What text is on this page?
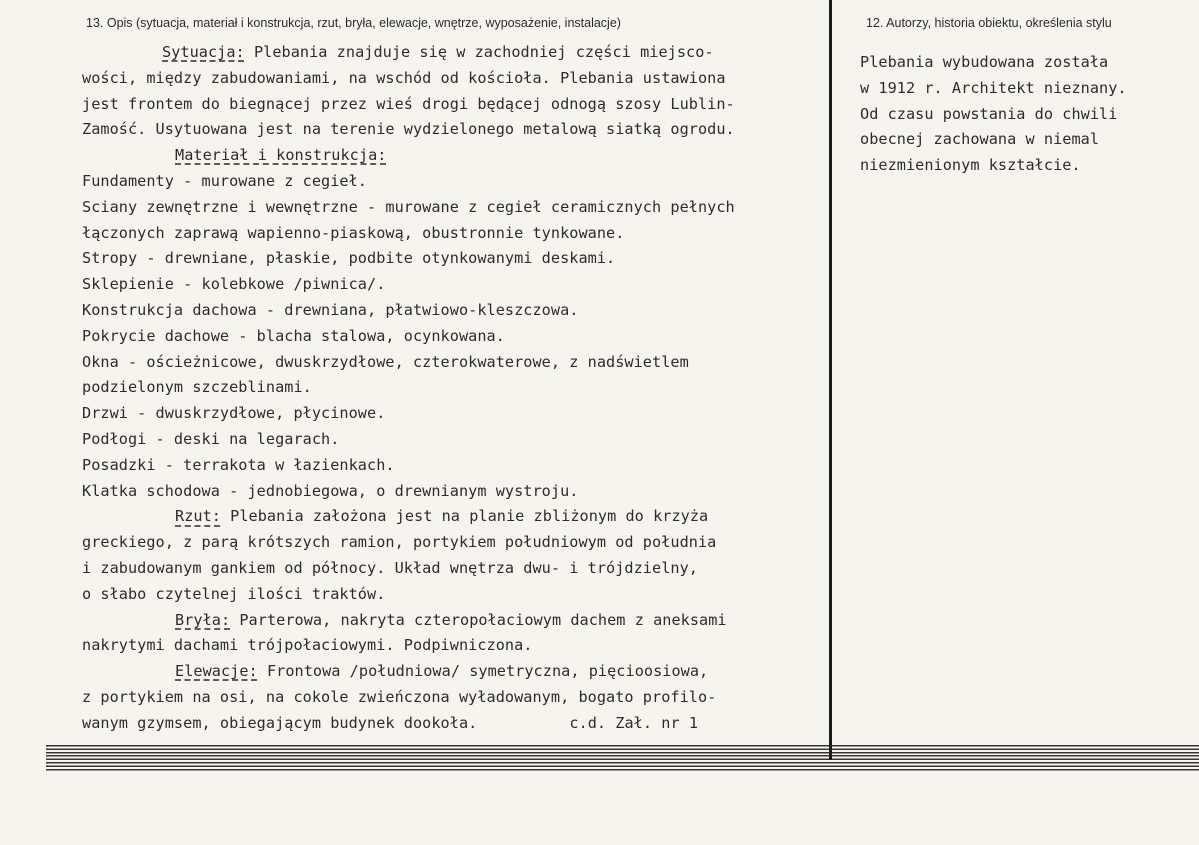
13. Opis (sytuacja, materiał i konstrukcja, rzut, bryła, elewacje, wnętrze, wyposażenie, instalacje)	12. Autorzy, historia obiektu, określenia stylu
Sytuacja: Plebania znajduje się w zachodniej części miejsco-
wości, między zabudowaniami, na wschód od kościoła. Plebania ustawiona
jest frontem do biegnącej przez wieś drogi będącej odnogą szosy Lublin-
Zamość. Usytuowana jest na terenie wydzielonego metalową siatką ogrodu.
Materiał i konstrukcja:
Fundamenty - murowane z cegieł.
Sciany zewnętrzne i wewnętrzne - murowane z cegieł ceramicznych pełnych
łączonych zaprawą wapienno-piaskową, obustronnie tynkowane.
Stropy - drewniane, płaskie, podbite otynkowanymi deskami.
Sklepienie - kolebkowe /piwnica/.
Konstrukcja dachowa - drewniana, płatwiowo-kleszczowa.
Pokrycie dachowe - blacha stalowa, ocynkowana.
Okna - ościeżnicowe, dwuskrzydłowe, czterokwaterowe, z nadświetlem
podzielonym szczeblinami.
Drzwi - dwuskrzydłowe, płycinowe.
Podłogi - deski na legarach.
Posadzki - terrakota w łazienkach.
Klatka schodowa - jednobiegowa, o drewnianym wystroju.
Rzut: Plebania założona jest na planie zbliżonym do krzyża
greckiego, z parą krótszych ramion, portykiem południowym od południa
i zabudowanym gankiem od północy. Układ wnętrza dwu- i trójdzielny,
o słabo czytelnej ilości traktów.
Bryła: Parterowa, nakryta czteropołaciowym dachem z aneksami
nakrytymi dachami trójpołaciowymi. Podpiwniczona.
Elewacje: Frontowa /południowa/ symetryczna, pięcioosiowa,
z portykiem na osi, na cokole zwieńczona wyładowanym, bogato profilo-
wanym gzymsem, obiegającym budynek dookoła.	c.d. Zał. nr 1
Plebania wybudowana została
w 1912 r. Architekt nieznany.
Od czasu powstania do chwili
obecnej zachowana w niemal
niezmienionym kształcie.
